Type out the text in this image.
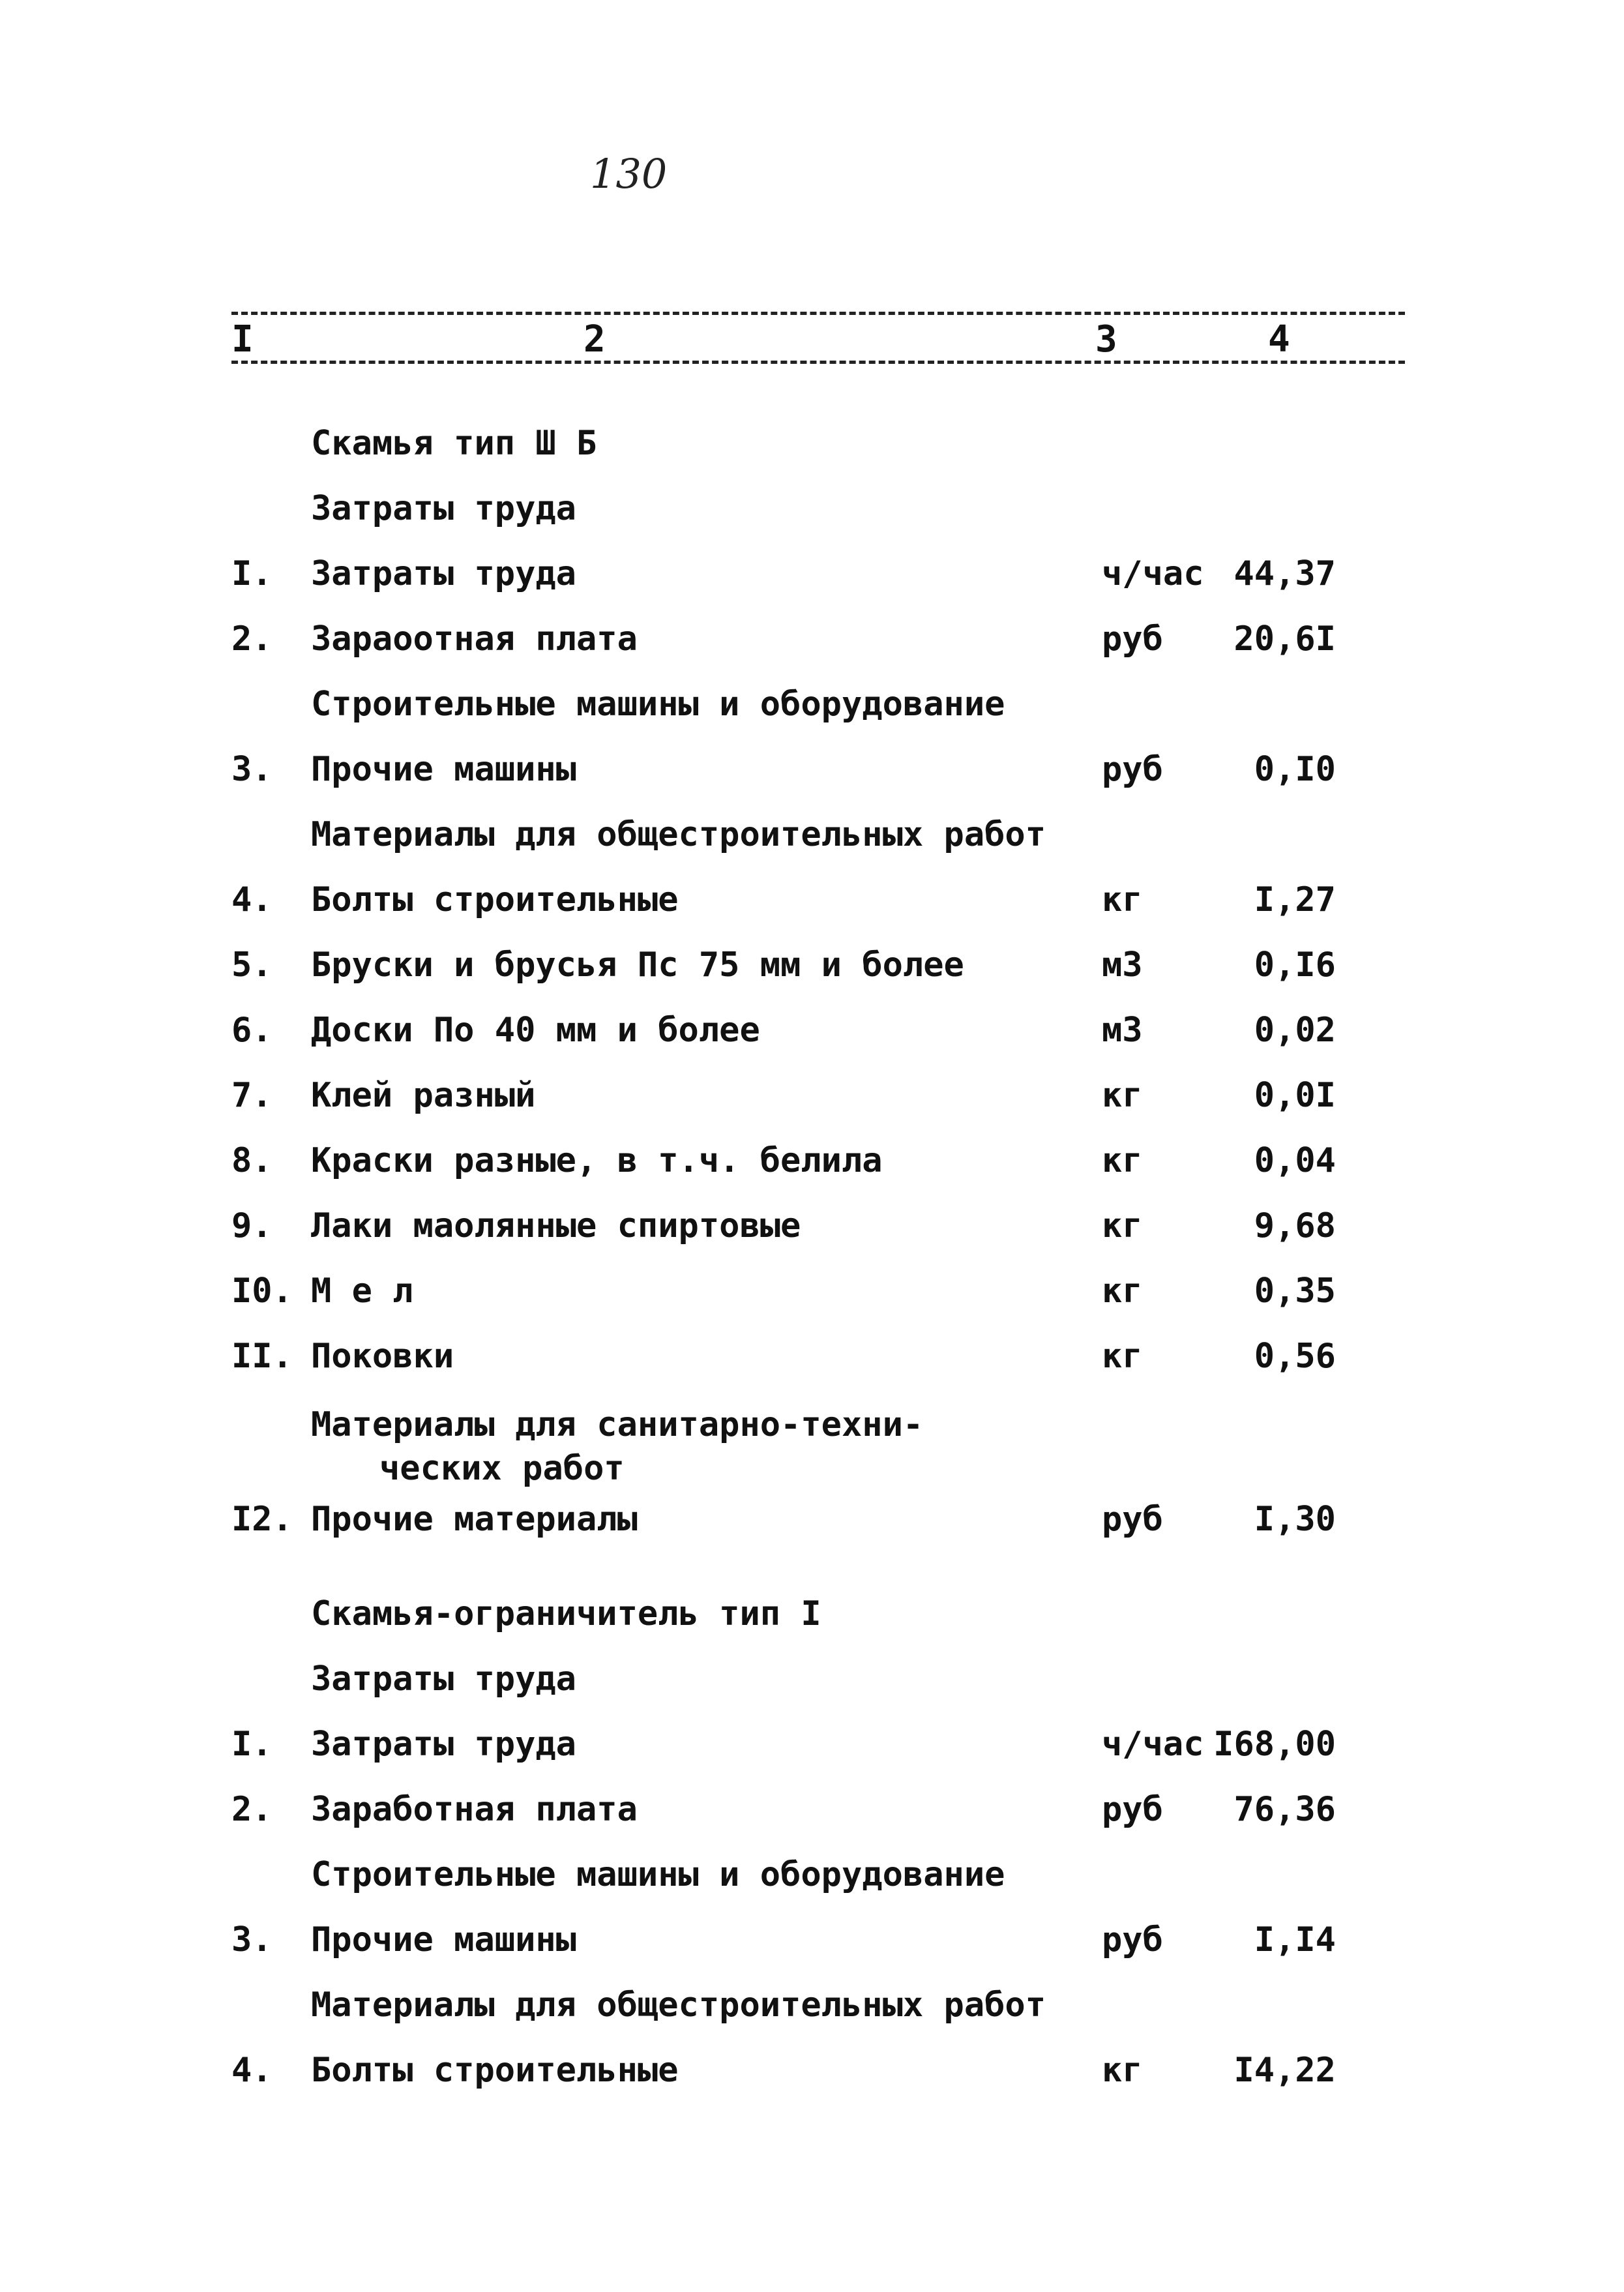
130
I	2	3	4
Скамья тип Ш Б
Затраты труда
I. Затраты труда	ч/час 44,37
2. Зараоотная плата	руб 20,6I
Строительные машины и оборудование
3. Прочие машины	руб	0,I0
Материалы для общестроительных работ
4. Болты строительные	кг	I,27
5. Бруски и брусья Пс 75 мм и более	м3	0,I6
6. Доски По 40 мм и более	м3	0,02
7. Клей разный	кг	0,0I
8. Краски разные, в т.ч. белила	кг	0,04
9. Лаки маолянные спиртовые	кг	9,68
I0. М е л	кг	0,35
II. Поковки	кг	0,56
Материалы для санитарно-техни-
ческих работ
I2. Прочие материалы	руб	I,30
Скамья-ограничитель тип I
Затраты труда
I. Затраты труда	ч/час I68,00
2. Заработная плата	руб 76,36
Строительные машины и оборудование
3. Прочие машины	руб	I,I4
Материалы для общестроительных работ
4. Болты строительные	кг	I4,22
